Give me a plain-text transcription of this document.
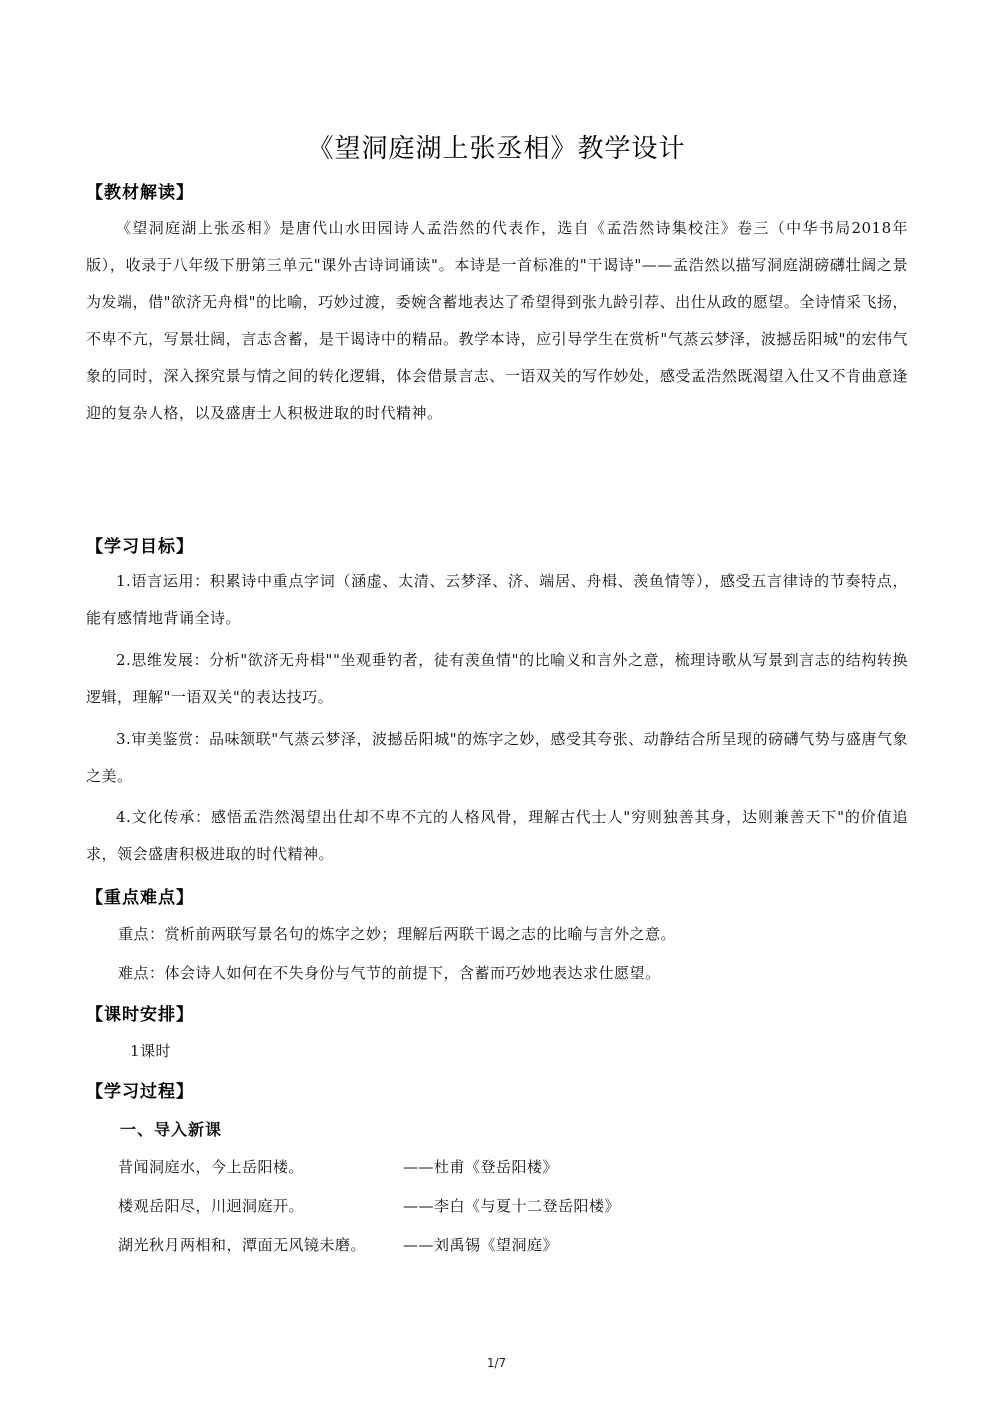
《望洞庭湖上张丞相》教学设计
【教材解读】

《望洞庭湖上张丞相》是唐代山水田园诗人孟浩然的代表作，选自《孟浩然诗集校注》卷三（中华书局2018年版），收录于八年级下册第三单元"课外古诗词诵读"。本诗是一首标准的"干谒诗"——孟浩然以描写洞庭湖磅礴壮阔之景为发端，借"欲济无舟楫"的比喻，巧妙过渡，委婉含蓄地表达了希望得到张九龄引荐、出仕从政的愿望。全诗情采飞扬，不卑不亢，写景壮阔，言志含蓄，是干谒诗中的精品。教学本诗，应引导学生在赏析"气蒸云梦泽，波撼岳阳城"的宏伟气象的同时，深入探究景与情之间的转化逻辑，体会借景言志、一语双关的写作妙处，感受孟浩然既渴望入仕又不肯曲意逢迎的复杂人格，以及盛唐士人积极进取的时代精神。

【学习目标】

1.语言运用：积累诗中重点字词（涵虚、太清、云梦泽、济、端居、舟楫、羡鱼情等），感受五言律诗的节奏特点，能有感情地背诵全诗。

2.思维发展：分析"欲济无舟楫""坐观垂钓者，徒有羡鱼情"的比喻义和言外之意，梳理诗歌从写景到言志的结构转换逻辑，理解"一语双关"的表达技巧。

3.审美鉴赏：品味颔联"气蒸云梦泽，波撼岳阳城"的炼字之妙，感受其夸张、动静结合所呈现的磅礴气势与盛唐气象之美。

4.文化传承：感悟孟浩然渴望出仕却不卑不亢的人格风骨，理解古代士人"穷则独善其身，达则兼善天下"的价值追求，领会盛唐积极进取的时代精神。

【重点难点】
重点：赏析前两联写景名句的炼字之妙；理解后两联干谒之志的比喻与言外之意。
难点：体会诗人如何在不失身份与气节的前提下，含蓄而巧妙地表达求仕愿望。
【课时安排】
1课时
【学习过程】
一、导入新课
昔闻洞庭水，今上岳阳楼。	——杜甫《登岳阳楼》
楼观岳阳尽，川迥洞庭开。	——李白《与夏十二登岳阳楼》
湖光秋月两相和，潭面无风镜未磨。 ——刘禹锡《望洞庭》
1/7
